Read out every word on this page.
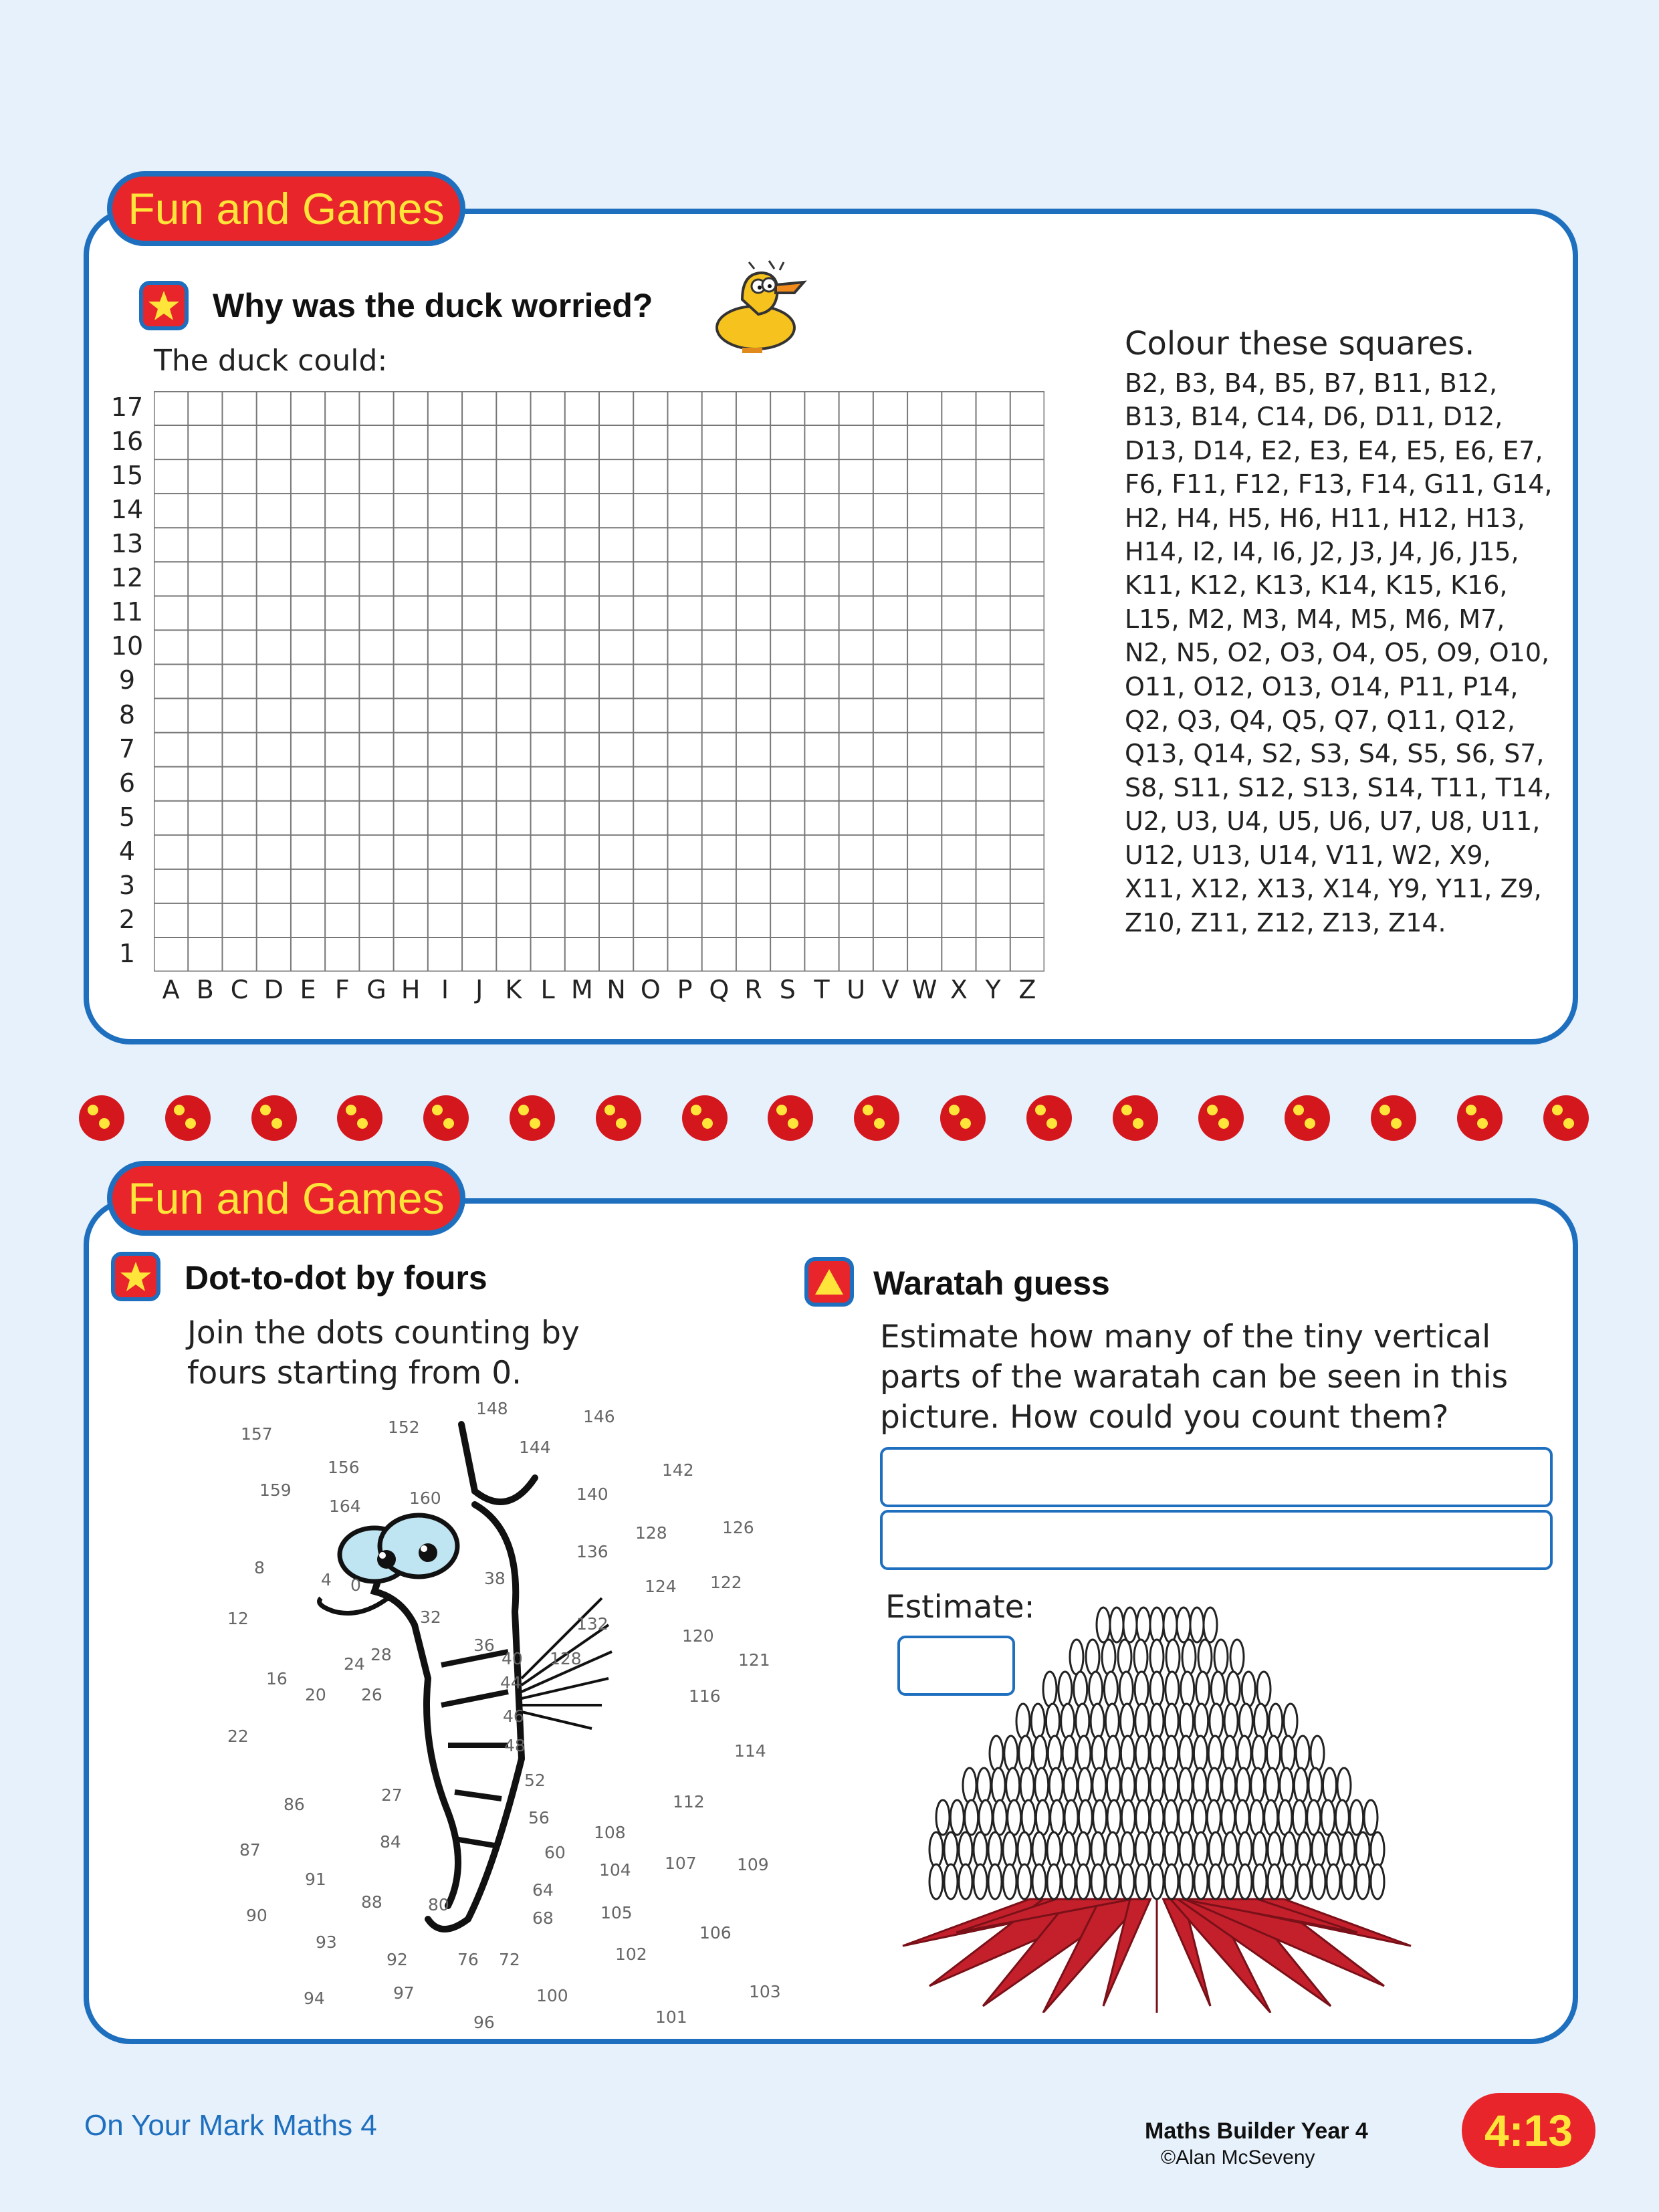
Fun and Games
Why was the duck worried?
The duck could:
17
16
15
14
13
12
11
10
9
8
7
6
5
4
3
2
1
A B C D E F G H I	J K L M N O P Q R S T U V W X Y Z
Colour these squares.
B2, B3, B4, B5, B7, B11, B12, B13, B14, C14, D6, D11, D12, D13, D14, E2, E3, E4, E5, E6, E7, F6, F11, F12, F13, F14, G11, G14, H2, H4, H5, H6, H11, H12, H13, H14, I2, I4, I6, J2, J3, J4, J6, J15, K11, K12, K13, K14, K15, K16, L15, M2, M3, M4, M5, M6, M7, N2, N5, O2, O3, O4, O5, O9, O10, O11, O12, O13, O14, P11, P14, Q2, Q3, Q4, Q5, Q7, Q11, Q12, Q13, Q14, S2, S3, S4, S5, S6, S7, S8, S11, S12, S13, S14, T11, T14, U2, U3, U4, U5, U6, U7, U8, U11, U12, U13, U14, V11, W2, X9, X11, X12, X13, X14, Y9, Y11, Z9, Z10, Z11, Z12, Z13, Z14.
Fun and Games
Dot-to-dot by fours
Join the dots counting by
fours starting from 0.
157	152
148	146
144
156	142
159
164	160	140
126
128
136
8
4 0	38	124 122
12	32	132
120
16
24 28	36
40 128	121
20 26
44
116
22
46
48	114
52
112
86	27
56
87	84	108
60
107 109
104
91
64
90
88	80
68	105
106
93
92	76 72	102
103
94	97	100
96	101
Waratah guess
Estimate how many of the tiny vertical
parts of the waratah can be seen in this
picture. How could you count them?
Estimate:
On Your Mark Maths 4	Maths Builder Year 4
©Alan McSeveny
4:13
